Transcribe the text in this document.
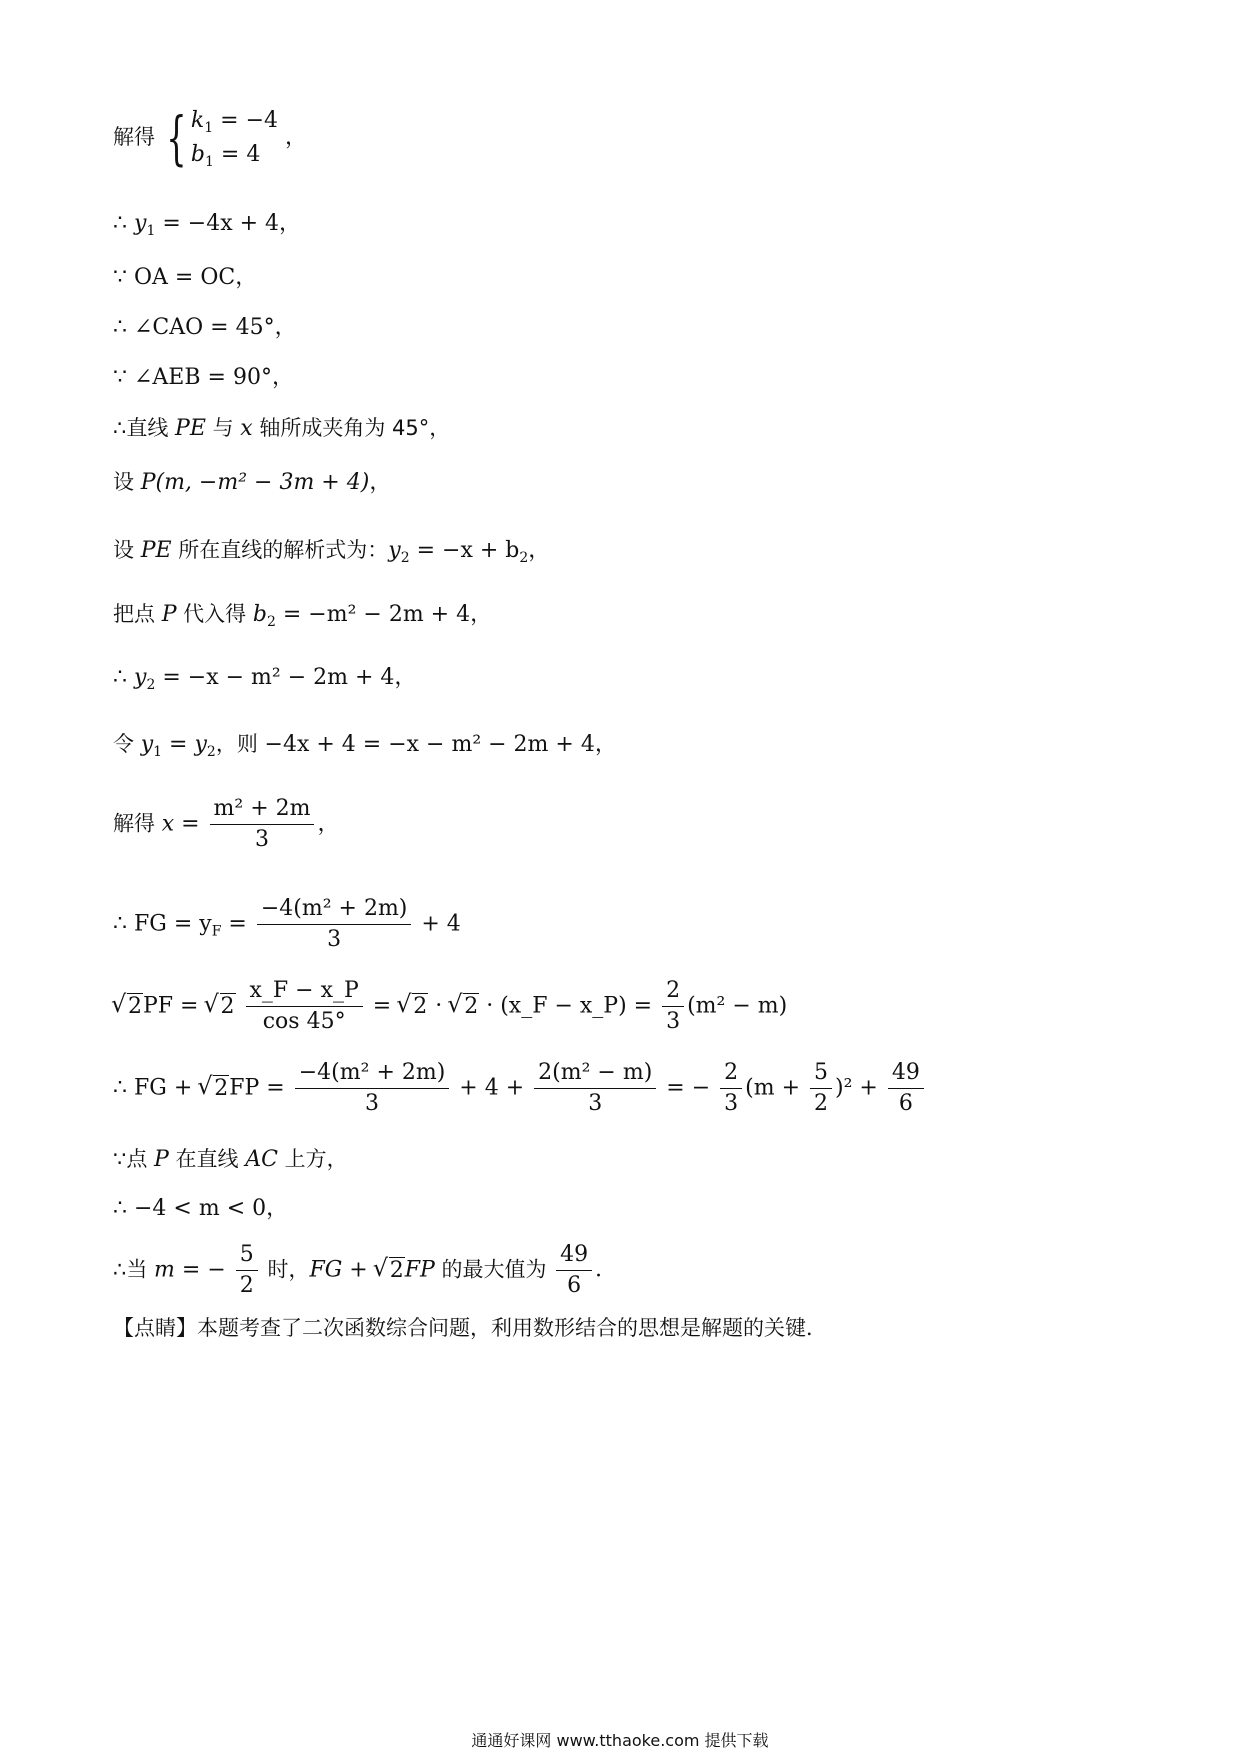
解得 { $k_1 = -4$
$b_1 = 4$
，
∴ $y_1 = -4x + 4$，
∵ OA = OC，
∴ ∠CAO = 45°，
∵ ∠AEB = 90°，
∴直线 PE 与 x 轴所成夹角为 45°，
设 P(m, −m² − 3m + 4)，
设 PE 所在直线的解析式为：$y_2 = -x + b_2$，
把点 P 代入得 $b_2 = -m^2 - 2m + 4$，
∴ $y_2 = -x - m^2 - 2m + 4$，
令 $y_1 = y_2$，则 −4x + 4 = −x − m² − 2m + 4，
解得 $x = \frac{\text{m² + 2m}}{3}$ ，
∴ FG = $y_F = \frac{\text{−4(m² + 2m)}}{3} + 4$
√ 2PF = √ $2 \frac{x\_F - x\_P}{\cos 45^\circ}$ = √ 2 · √ 2 · (x_F − x_P) = $\frac{2}{3} (m^2 - m)$
∴ FG + √ $2FP = \frac{\text{−4(m² + 2m)}}{3} + 4 + \frac{\text{2(m² − m)}}{3}$ = − $\frac{2}{3} (m + \frac{5}{2} )^2 + \frac{49}{6}$
∵点 P 在直线 AC 上方，
∴ −4 < m < 0，
∴当 m = − $\frac{5}{2}$ 时，FG + √ 2FP 的最大值为 $\frac{49}{6}$ ．
【点睛】本题考查了二次函数综合问题，利用数形结合的思想是解题的关键．
通通好课网 www.tthaoke.com 提供下载
